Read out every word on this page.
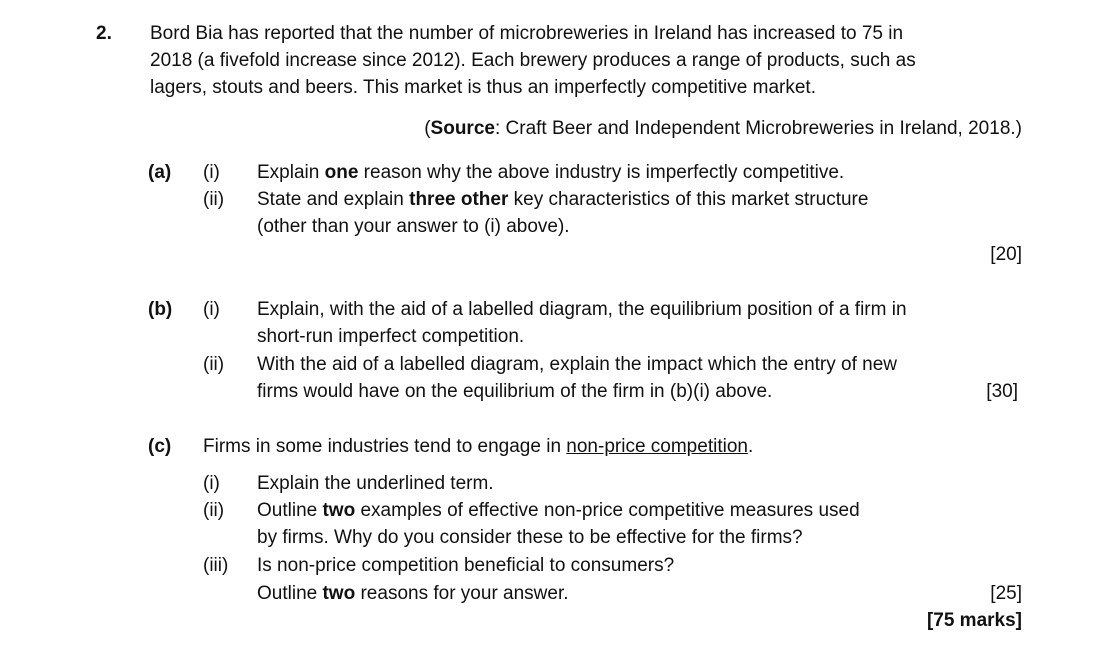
2. Bord Bia has reported that the number of microbreweries in Ireland has increased to 75 in
2018 (a fivefold increase since 2012). Each brewery produces a range of products, such as
lagers, stouts and beers. This market is thus an imperfectly competitive market.
(Source: Craft Beer and Independent Microbreweries in Ireland, 2018.)
(a) (i) Explain one reason why the above industry is imperfectly competitive.
(ii) State and explain three other key characteristics of this market structure
(other than your answer to (i) above).
[20]
(b) (i) Explain, with the aid of a labelled diagram, the equilibrium position of a firm in
short-run imperfect competition.
(ii) With the aid of a labelled diagram, explain the impact which the entry of new
firms would have on the equilibrium of the firm in (b)(i) above.	[30]
(c) Firms in some industries tend to engage in non-price competition.
(i) Explain the underlined term.
(ii) Outline two examples of effective non-price competitive measures used
by firms. Why do you consider these to be effective for the firms?
(iii) Is non-price competition beneficial to consumers?
Outline two reasons for your answer.	[25]
[75 marks]
